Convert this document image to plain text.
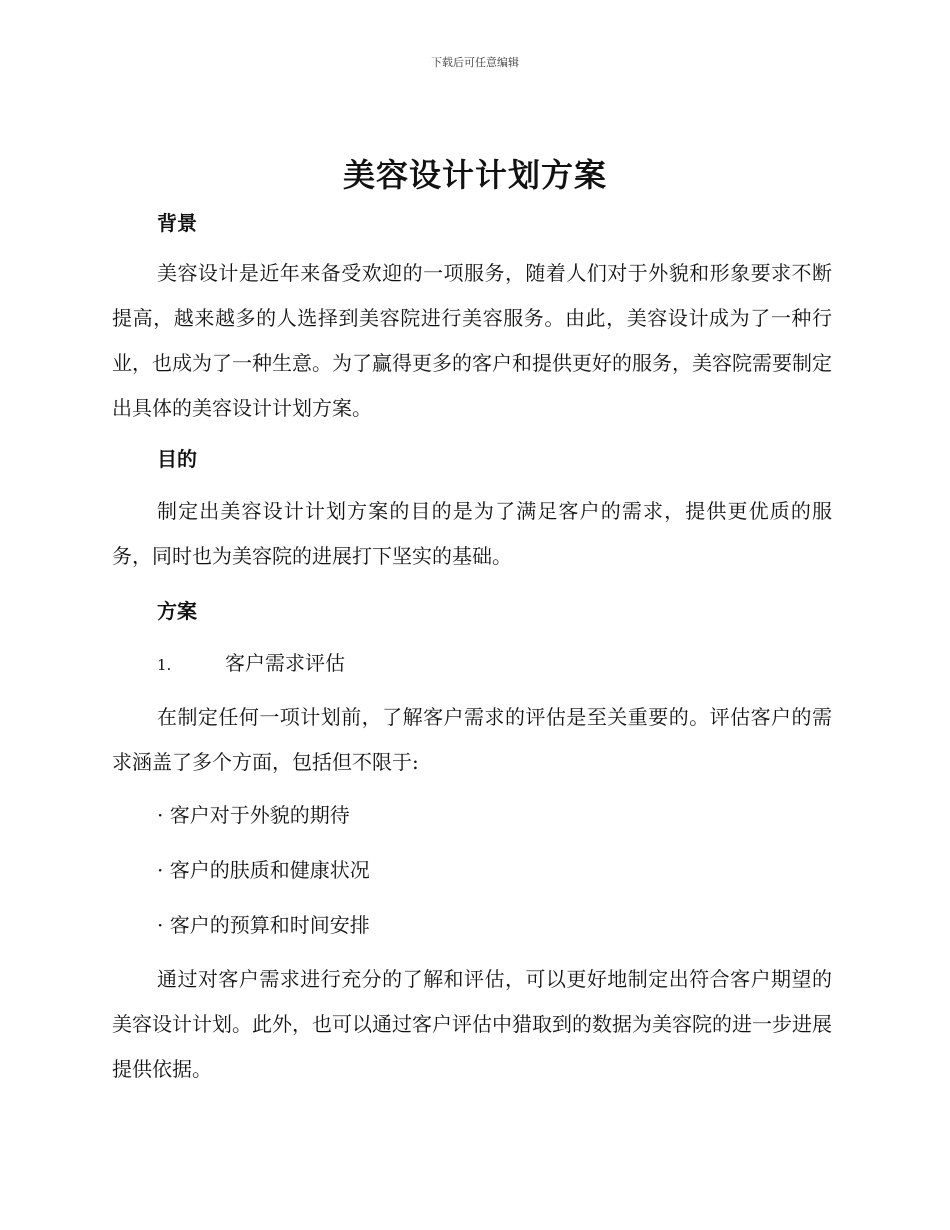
下载后可任意编辑
美容设计计划方案
背景

美容设计是近年来备受欢迎的一项服务，随着人们对于外貌和形象要求不断提高，越来越多的人选择到美容院进行美容服务。由此，美容设计成为了一种行业，也成为了一种生意。为了赢得更多的客户和提供更好的服务，美容院需要制定出具体的美容设计计划方案。

目的

制定出美容设计计划方案的目的是为了满足客户的需求，提供更优质的服务，同时也为美容院的进展打下坚实的基础。

方案
1.	客户需求评估

在制定任何一项计划前，了解客户需求的评估是至关重要的。评估客户的需求涵盖了多个方面，包括但不限于:

· 客户对于外貌的期待
· 客户的肤质和健康状况
· 客户的预算和时间安排

通过对客户需求进行充分的了解和评估，可以更好地制定出符合客户期望的美容设计计划。此外，也可以通过客户评估中猎取到的数据为美容院的进一步进展提供依据。
